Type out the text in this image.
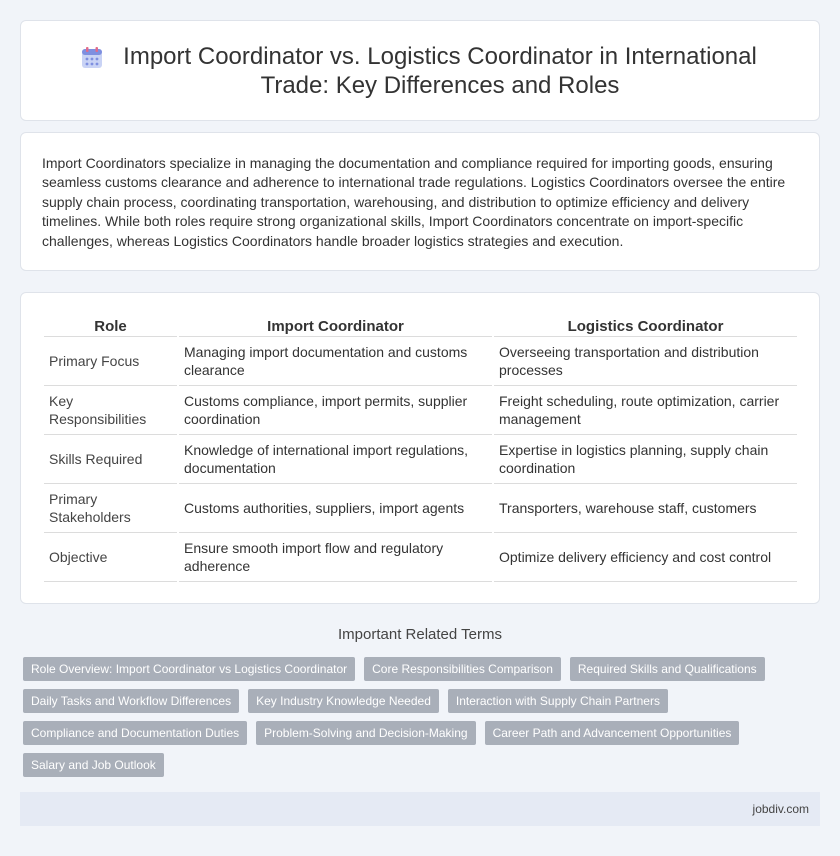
Import Coordinator vs. Logistics Coordinator in International Trade: Key Differences and Roles

Import Coordinators specialize in managing the documentation and compliance required for importing goods, ensuring seamless customs clearance and adherence to international trade regulations. Logistics Coordinators oversee the entire supply chain process, coordinating transportation, warehousing, and distribution to optimize efficiency and delivery timelines. While both roles require strong organizational skills, Import Coordinators concentrate on import-specific challenges, whereas Logistics Coordinators handle broader logistics strategies and execution.

Role	Import Coordinator	Logistics Coordinator
Primary Focus	Managing import documentation and customs clearance	Overseeing transportation and distribution processes
Key Responsibilities	Customs compliance, import permits, supplier coordination	Freight scheduling, route optimization, carrier management
Skills Required	Knowledge of international import regulations, documentation	Expertise in logistics planning, supply chain coordination
Primary Stakeholders	Customs authorities, suppliers, import agents	Transporters, warehouse staff, customers
Objective	Ensure smooth import flow and regulatory adherence	Optimize delivery efficiency and cost control
Important Related Terms
Role Overview: Import Coordinator vs Logistics Coordinator	Core Responsibilities Comparison	Required Skills and Qualifications
Daily Tasks and Workflow Differences	Key Industry Knowledge Needed	Interaction with Supply Chain Partners
Compliance and Documentation Duties	Problem-Solving and Decision-Making	Career Path and Advancement Opportunities
Salary and Job Outlook
jobdiv.com
